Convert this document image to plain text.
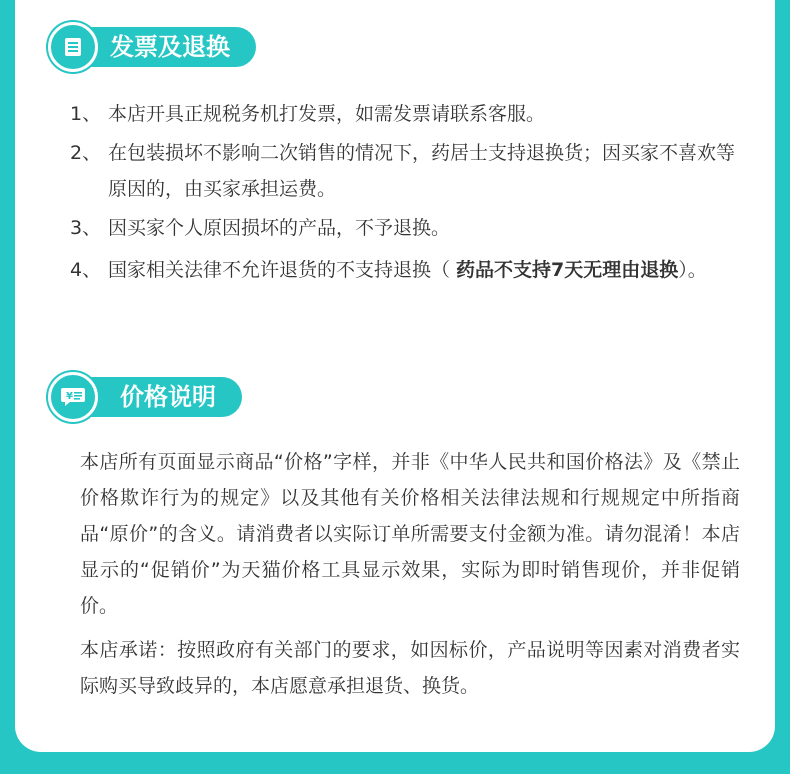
发票及退换
1、 本店开具正规税务机打发票，如需发票请联系客服。
2、 在包装损坏不影响二次销售的情况下，药居士支持退换货；因买家不喜欢等原因的，由买家承担运费。
3、 因买家个人原因损坏的产品，不予退换。
4、 国家相关法律不允许退货的不支持退换（ 药品不支持7天无理由退换）。
价格说明
¥
本店所有页面显示商品“价格”字样，并非《中华人民共和国价格法》及《禁止价格欺诈行为的规定》以及其他有关价格相关法律法规和行规规定中所指商品“原价”的含义。请消费者以实际订单所需要支付金额为准。请勿混淆！本店显示的“促销价”为天猫价格工具显示效果，实际为即时销售现价，并非促销价。
本店承诺：按照政府有关部门的要求，如因标价，产品说明等因素对消费者实际购买导致歧异的，本店愿意承担退货、换货。
